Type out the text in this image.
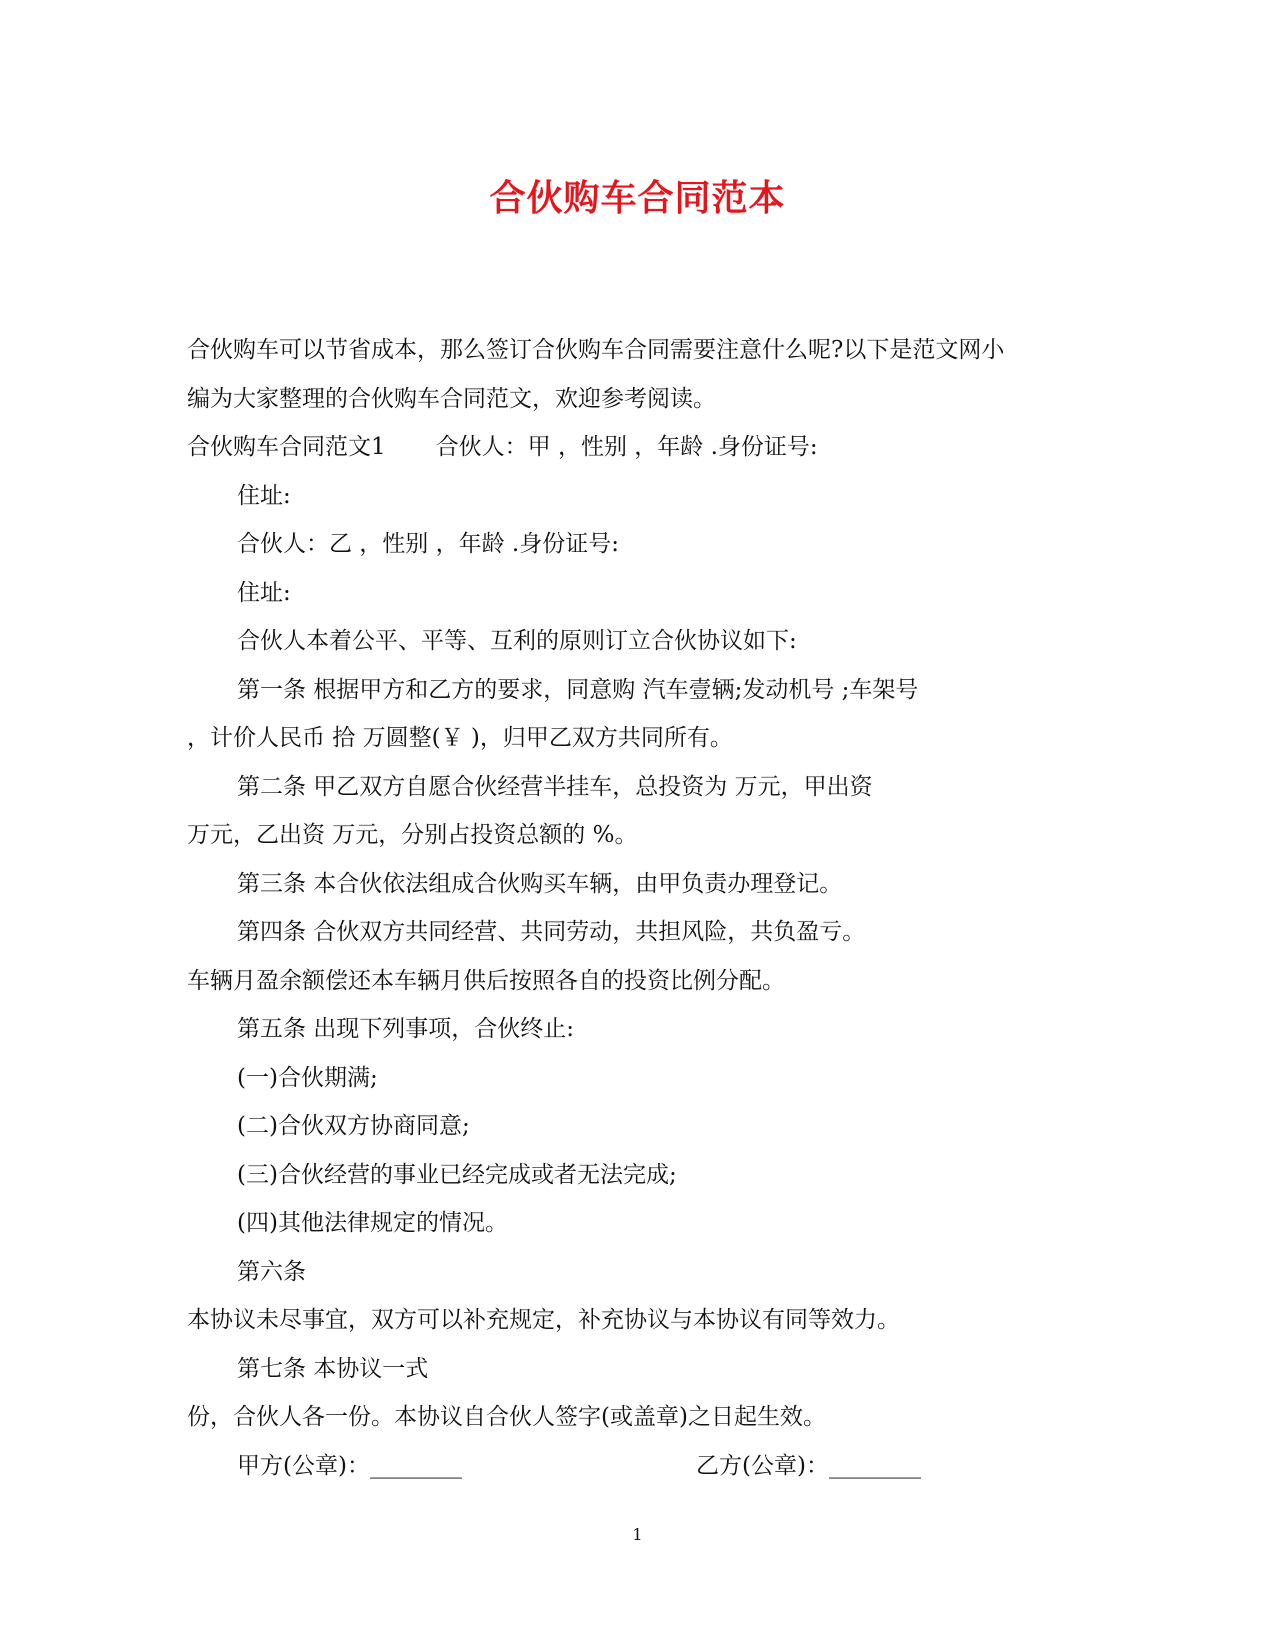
合伙购车合同范本
合伙购车可以节省成本，那么签订合伙购车合同需要注意什么呢?以下是范文网小
编为大家整理的合伙购车合同范文，欢迎参考阅读。
合伙购车合同范文1 合伙人：甲 ，性别 ，年龄 .身份证号:
住址:
合伙人：乙 ，性别 ，年龄 .身份证号:
住址:
合伙人本着公平、平等、互利的原则订立合伙协议如下:
第一条 根据甲方和乙方的要求，同意购 汽车壹辆;发动机号 ;车架号
，计价人民币 拾 万圆整(￥ )，归甲乙双方共同所有。
第二条 甲乙双方自愿合伙经营半挂车，总投资为 万元，甲出资
万元，乙出资 万元，分别占投资总额的 %。
第三条 本合伙依法组成合伙购买车辆，由甲负责办理登记。
第四条 合伙双方共同经营、共同劳动，共担风险，共负盈亏。
车辆月盈余额偿还本车辆月供后按照各自的投资比例分配。
第五条 出现下列事项，合伙终止:
(一)合伙期满;
(二)合伙双方协商同意;
(三)合伙经营的事业已经完成或者无法完成;
(四)其他法律规定的情况。
第六条
本协议未尽事宜，双方可以补充规定，补充协议与本协议有同等效力。
第七条 本协议一式
份，合伙人各一份。本协议自合伙人签字(或盖章)之日起生效。
甲方(公章)：________	乙方(公章)：________
1
